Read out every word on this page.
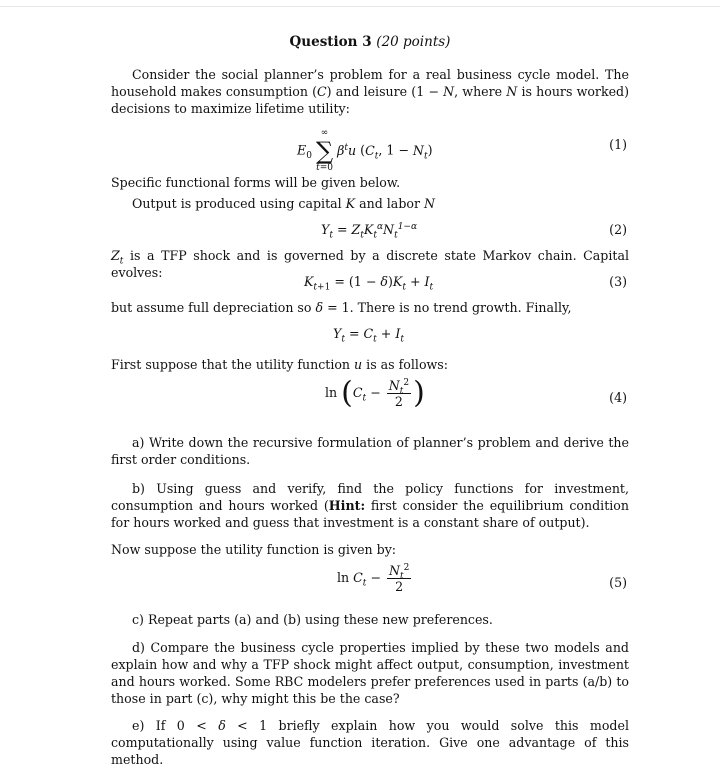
Question 3 (20 points)
Consider the social planner’s problem for a real business cycle model. The household makes consumption (C) and leisure (1 − N, where N is hours worked) decisions to maximize lifetime utility:
$E_0$
∞
∑
t=0
$\beta^tu$ ($C_t$, $1 - N_t$)	(1)
Specific functional forms will be given below.
Output is produced using capital K and labor N
$Y_t = Z_tK_t^\alpha N_t^{1-\alpha}$	(2)
$Z_t$ is a TFP shock and is governed by a discrete state Markov chain. Capital evolves:
$K_{t+1} = (1 - \delta)K_t + I_t$	(3)
but assume full depreciation so δ = 1. There is no trend growth. Finally,
$Y_t = C_t + I_t$
First suppose that the utility function u is as follows:
$\ln (C_t - \frac{N_t^2}{2}$ )	(4)
a) Write down the recursive formulation of planner’s problem and derive the first order conditions.
b) Using guess and verify, find the policy functions for investment, consumption and hours worked (Hint: first consider the equilibrium condition for hours worked and guess that investment is a constant share of output).
Now suppose the utility function is given by:
$\ln C_t - \frac{N_t^2}{2}$	(5)
c) Repeat parts (a) and (b) using these new preferences.
d) Compare the business cycle properties implied by these two models and explain how and why a TFP shock might affect output, consumption, investment and hours worked. Some RBC modelers prefer preferences used in parts (a/b) to those in part (c), why might this be the case?
e) If 0 < δ < 1 briefly explain how you would solve this model computationally using value function iteration. Give one advantage of this method.
